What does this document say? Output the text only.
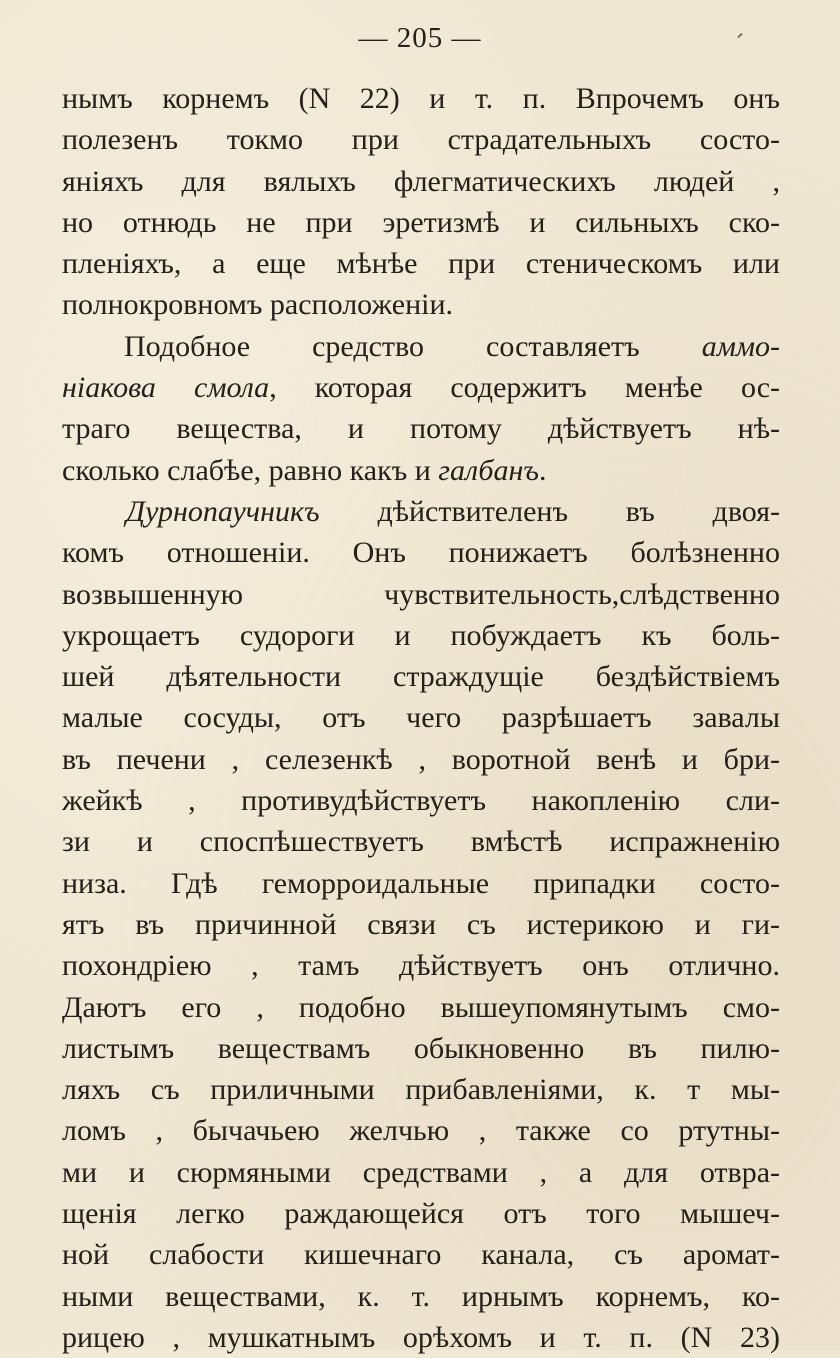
— 205 —	ʹ
нымъ корнемъ (N 22) и т. п. Впрочемъ онъ
полезенъ токмо при страдательныхъ состо-
яніяхъ для вялыхъ флегматическихъ людей ,
но отнюдь не при эретизмѣ и сильныхъ ско-
пленіяхъ, а еще мѣнѣе при стеническомъ или
полнокровномъ расположеніи.
Подобное средство составляетъ аммо-
ніакова смола, которая содержитъ менѣе ос-
траго вещества, и потому дѣйствуетъ нѣ-
сколько слабѣе, равно какъ и галбанъ.
Дурнопаучникъ дѣйствителенъ въ двоя-
комъ отношеніи. Онъ понижаетъ болѣзненно
возвышенную чувствительность,слѣдственно
укрощаетъ судороги и побуждаетъ къ боль-
шей дѣятельности страждущіе бездѣйствіемъ
малые сосуды, отъ чего разрѣшаетъ завалы
въ печени , селезенкѣ , воротной венѣ и бри-
жейкѣ , противудѣйствуетъ накопленію сли-
зи и споспѣшествуетъ вмѣстѣ испражненію
низа. Гдѣ геморроидальные припадки состо-
ятъ въ причинной связи съ истерикою и ги-
похондріею , тамъ дѣйствуетъ онъ отлично.
Даютъ его , подобно вышеупомянутымъ смо-
листымъ веществамъ обыкновенно въ пилю-
ляхъ съ приличными прибавленіями, к. т мы-
ломъ , бычачьею желчью , также со ртутны-
ми и сюрмяными средствами , а для отвра-
щенія легко раждающейся отъ того мышеч-
ной слабости кишечнаго канала, съ аромат-
ными веществами, к. т. ирнымъ корнемъ, ко-
рицею , мушкатнымъ орѣхомъ и т. п. (N 23)
